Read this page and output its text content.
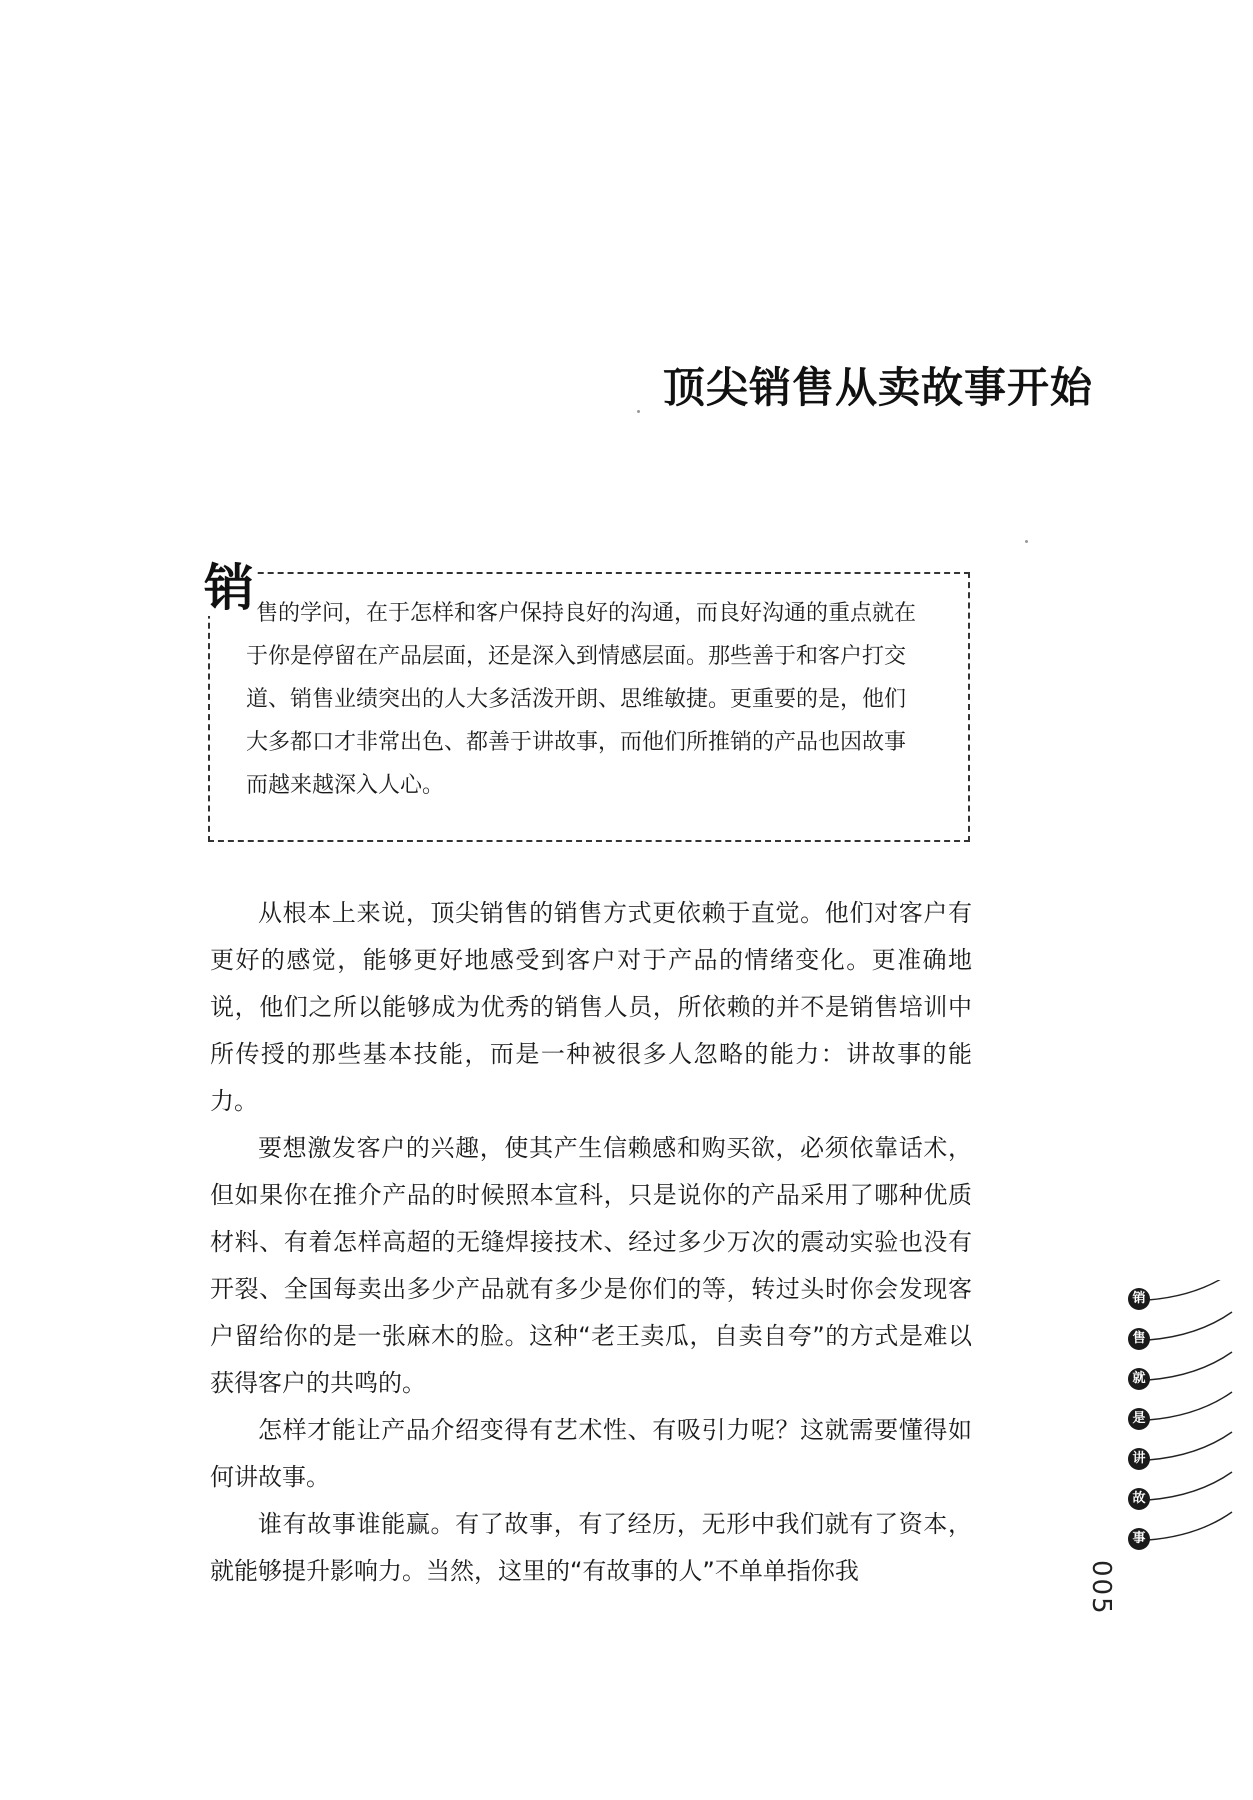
顶尖销售从卖故事开始
销 售的学问，在于怎样和客户保持良好的沟通，而良好沟通的重点就在
于你是停留在产品层面，还是深入到情感层面。那些善于和客户打交
道、销售业绩突出的人大多活泼开朗、思维敏捷。更重要的是，他们
大多都口才非常出色、都善于讲故事，而他们所推销的产品也因故事
而越来越深入人心。

从根本上来说，顶尖销售的销售方式更依赖于直觉。他们对客户有更好的感觉，能够更好地感受到客户对于产品的情绪变化。更准确地说，他们之所以能够成为优秀的销售人员，所依赖的并不是销售培训中所传授的那些基本技能，而是一种被很多人忽略的能力：讲故事的能力。

要想激发客户的兴趣，使其产生信赖感和购买欲，必须依靠话术，但如果你在推介产品的时候照本宣科，只是说你的产品采用了哪种优质材料、有着怎样高超的无缝焊接技术、经过多少万次的震动实验也没有开裂、全国每卖出多少产品就有多少是你们的等，转过头时你会发现客户留给你的是一张麻木的脸。这种“老王卖瓜，自卖自夸”的方式是难以获得客户的共鸣的。

怎样才能让产品介绍变得有艺术性、有吸引力呢？这就需要懂得如何讲故事。

谁有故事谁能赢。有了故事，有了经历，无形中我们就有了资本，就能够提升影响力。当然，这里的“有故事的人”不单单指你我

销
售
就
是
讲
故
事
005
